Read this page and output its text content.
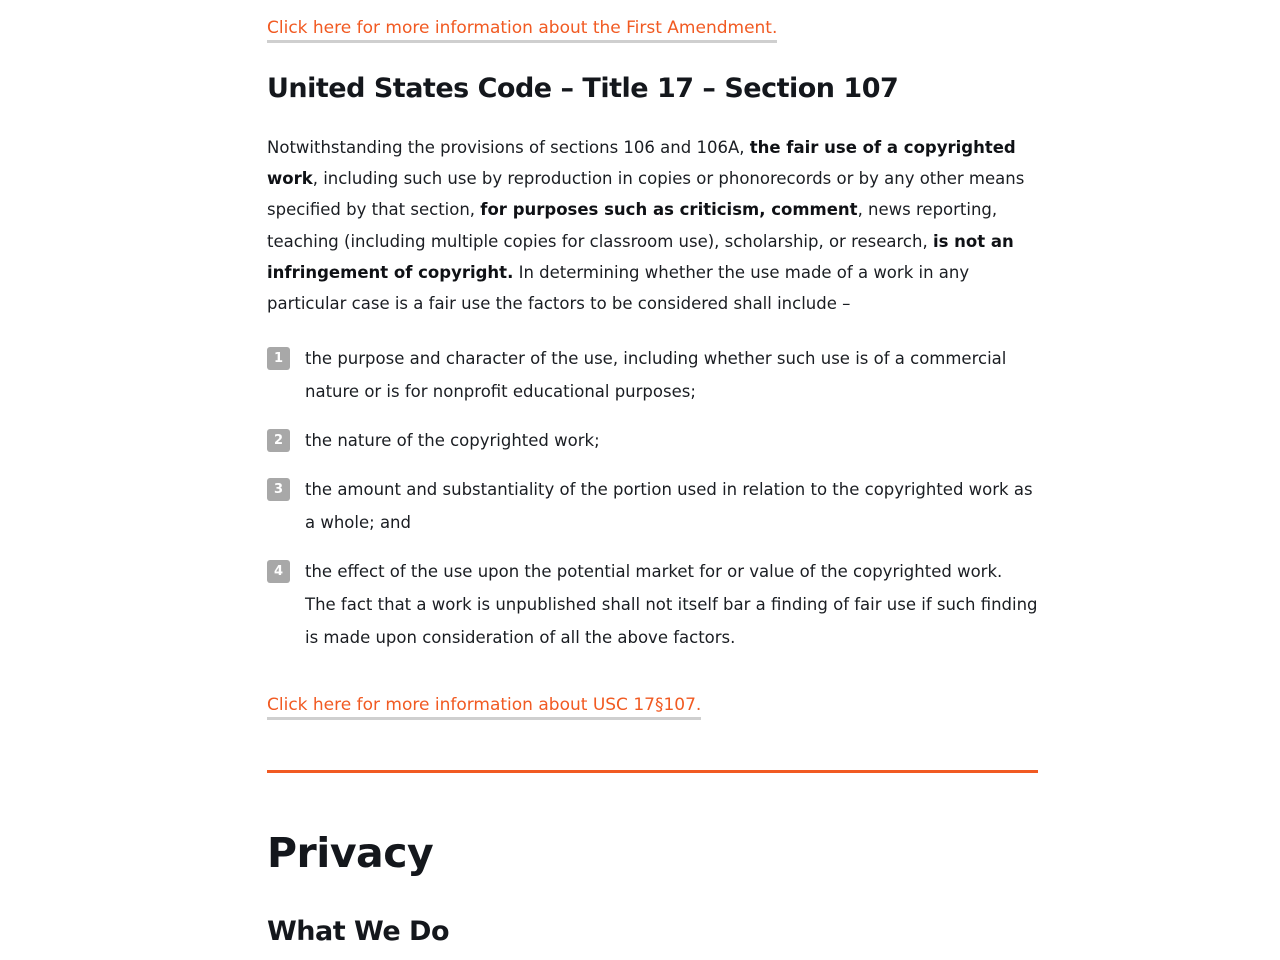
Click here for more information about the First Amendment.
United States Code – Title 17 – Section 107

Notwithstanding the provisions of sections 106 and 106A, the fair use of a copyrighted work, including such use by reproduction in copies or phonorecords or by any other means specified by that section, for purposes such as criticism, comment, news reporting, teaching (including multiple copies for classroom use), scholarship, or research, is not an infringement of copyright. In determining whether the use made of a work in any particular case is a fair use the factors to be considered shall include –

1	the purpose and character of the use, including whether such use is of a commercial nature or is for nonprofit educational purposes;
2	the nature of the copyrighted work;
3	the amount and substantiality of the portion used in relation to the copyrighted work as a whole; and
4	the effect of the use upon the potential market for or value of the copyrighted work. The fact that a work is unpublished shall not itself bar a finding of fair use if such finding is made upon consideration of all the above factors.
Click here for more information about USC 17§107.
Privacy
What We Do
